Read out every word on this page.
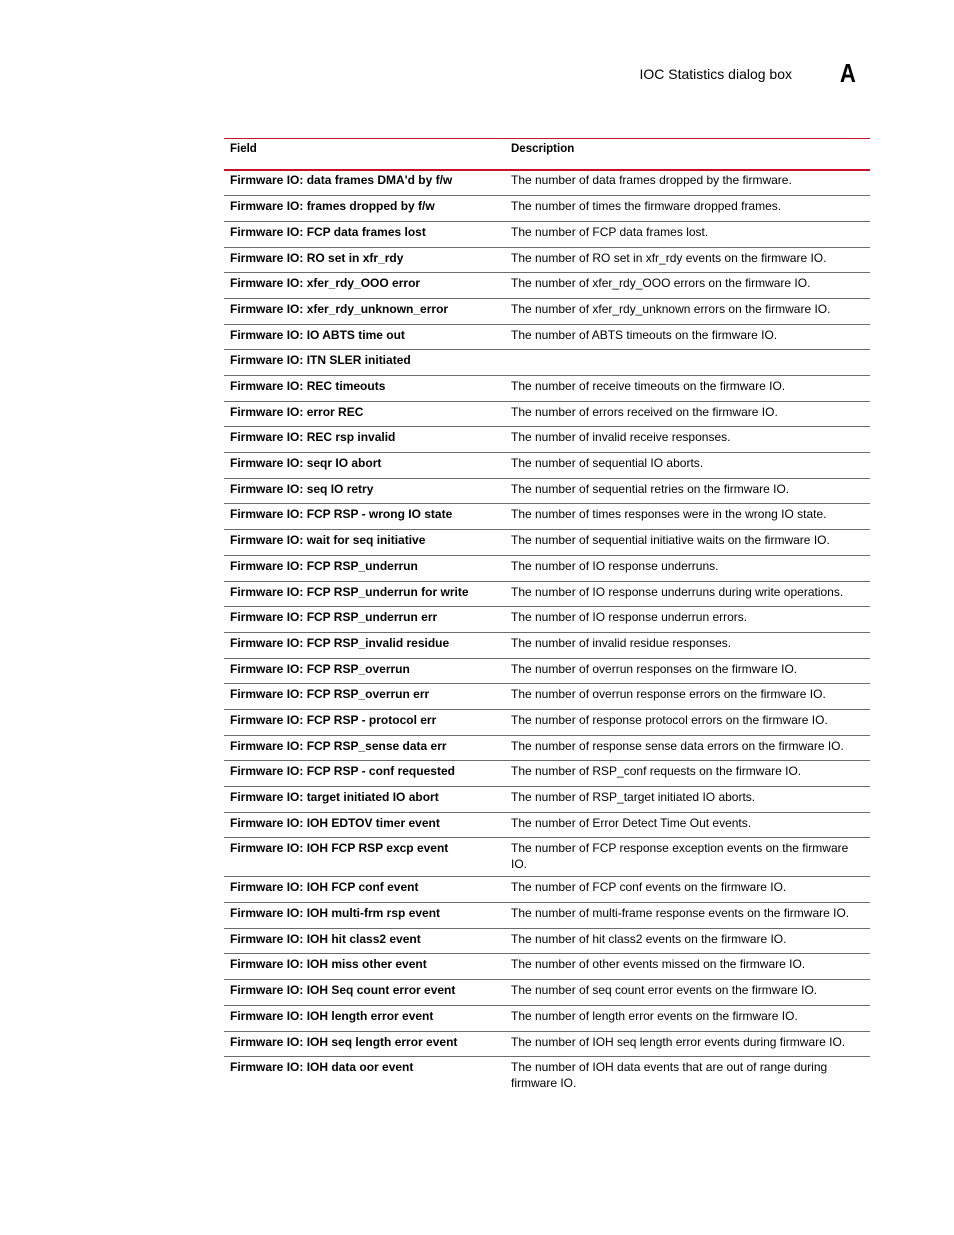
IOC Statistics dialog box A
Field	Description
Firmware IO: data frames DMA'd by f/w	The number of data frames dropped by the firmware.
Firmware IO: frames dropped by f/w	The number of times the firmware dropped frames.
Firmware IO: FCP data frames lost	The number of FCP data frames lost.
Firmware IO: RO set in xfr_rdy	The number of RO set in xfr_rdy events on the firmware IO.
Firmware IO: xfer_rdy_OOO error	The number of xfer_rdy_OOO errors on the firmware IO.
Firmware IO: xfer_rdy_unknown_error	The number of xfer_rdy_unknown errors on the firmware IO.
Firmware IO: IO ABTS time out	The number of ABTS timeouts on the firmware IO.
Firmware IO: ITN SLER initiated	
Firmware IO: REC timeouts	The number of receive timeouts on the firmware IO.
Firmware IO: error REC	The number of errors received on the firmware IO.
Firmware IO: REC rsp invalid	The number of invalid receive responses.
Firmware IO: seqr IO abort	The number of sequential IO aborts.
Firmware IO: seq IO retry	The number of sequential retries on the firmware IO.
Firmware IO: FCP RSP - wrong IO state	The number of times responses were in the wrong IO state.
Firmware IO: wait for seq initiative	The number of sequential initiative waits on the firmware IO.
Firmware IO: FCP RSP_underrun	The number of IO response underruns.
Firmware IO: FCP RSP_underrun for write	The number of IO response underruns during write operations.
Firmware IO: FCP RSP_underrun err	The number of IO response underrun errors.
Firmware IO: FCP RSP_invalid residue	The number of invalid residue responses.
Firmware IO: FCP RSP_overrun	The number of overrun responses on the firmware IO.
Firmware IO: FCP RSP_overrun err	The number of overrun response errors on the firmware IO.
Firmware IO: FCP RSP - protocol err	The number of response protocol errors on the firmware IO.
Firmware IO: FCP RSP_sense data err	The number of response sense data errors on the firmware IO.
Firmware IO: FCP RSP - conf requested	The number of RSP_conf requests on the firmware IO.
Firmware IO: target initiated IO abort	The number of RSP_target initiated IO aborts.
Firmware IO: IOH EDTOV timer event	The number of Error Detect Time Out events.
Firmware IO: IOH FCP RSP excp event	The number of FCP response exception events on the firmware IO.
Firmware IO: IOH FCP conf event	The number of FCP conf events on the firmware IO.
Firmware IO: IOH multi-frm rsp event	The number of multi-frame response events on the firmware IO.
Firmware IO: IOH hit class2 event	The number of hit class2 events on the firmware IO.
Firmware IO: IOH miss other event	The number of other events missed on the firmware IO.
Firmware IO: IOH Seq count error event	The number of seq count error events on the firmware IO.
Firmware IO: IOH length error event	The number of length error events on the firmware IO.
Firmware IO: IOH seq length error event	The number of IOH seq length error events during firmware IO.
Firmware IO: IOH data oor event	The number of IOH data events that are out of range during firmware IO.
